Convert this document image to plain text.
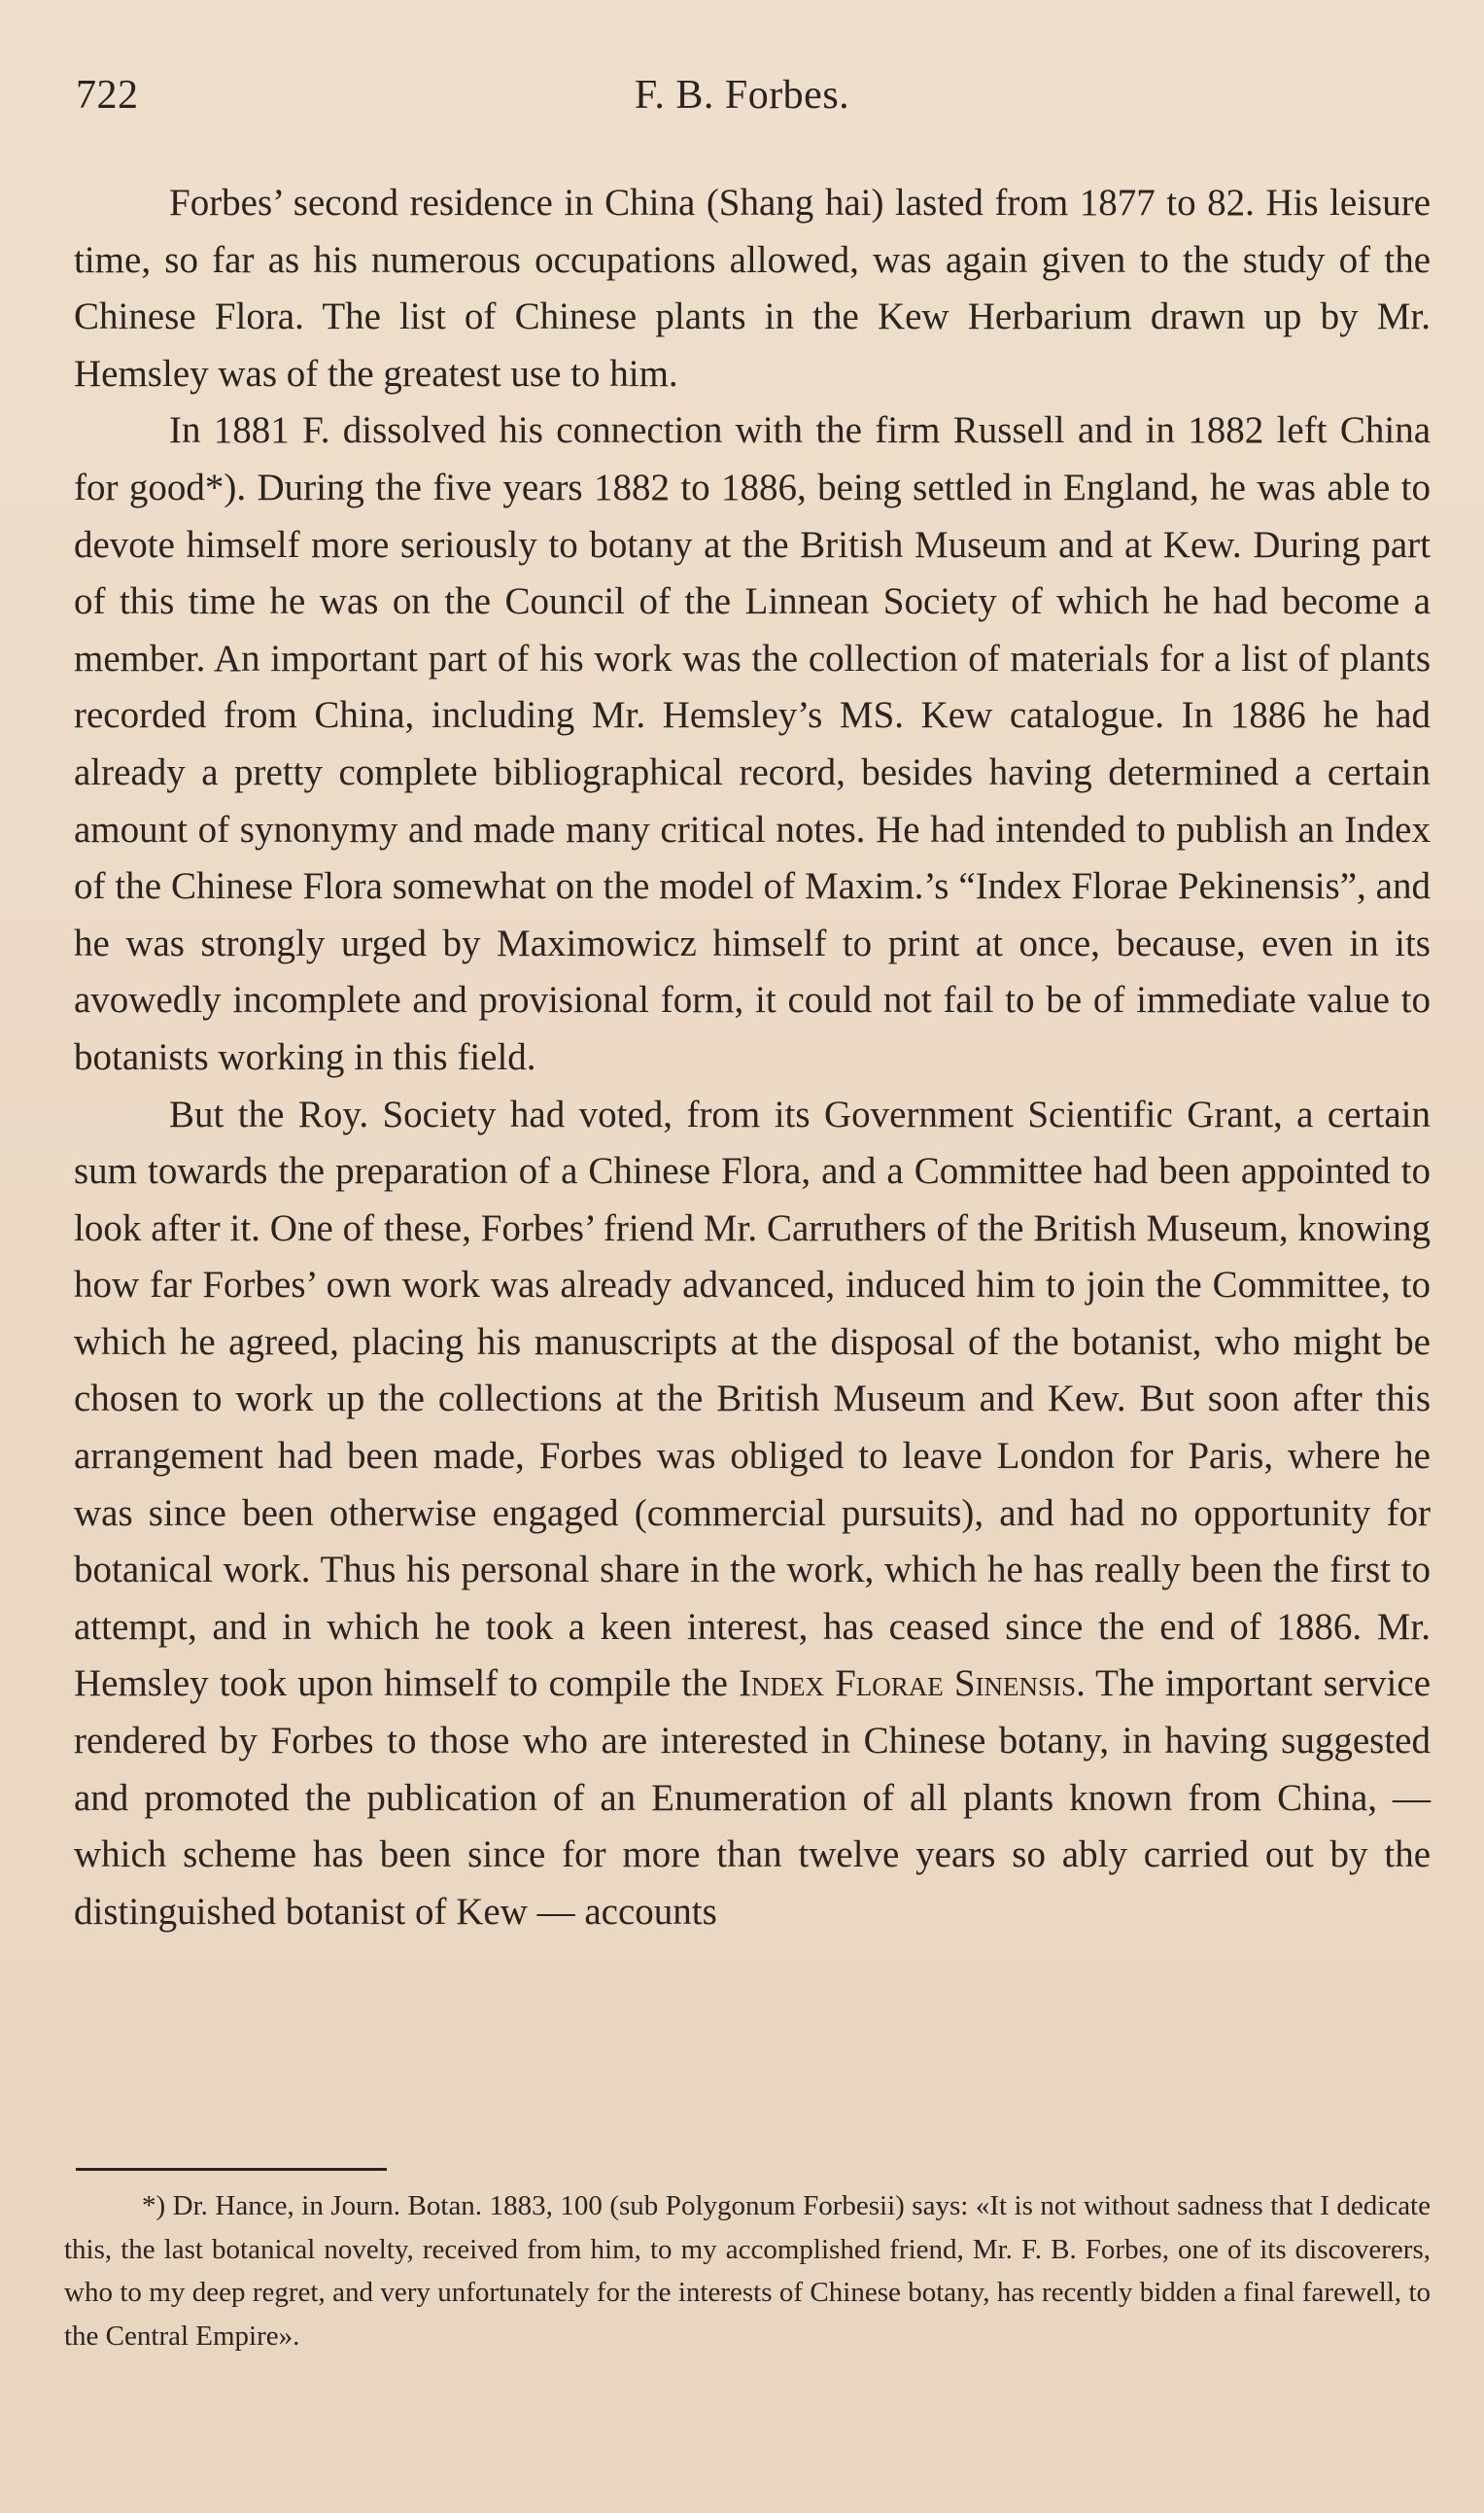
722	F. B. Forbes.

Forbes’ second residence in China (Shang hai) lasted from 1877 to 82. His leisure time, so far as his numerous occupations allowed, was again given to the study of the Chinese Flora. The list of Chinese plants in the Kew Herbarium drawn up by Mr. Hemsley was of the greatest use to him.

In 1881 F. dissolved his connection with the firm Russell and in 1882 left China for good*). During the five years 1882 to 1886, being settled in England, he was able to devote himself more seriously to botany at the British Museum and at Kew. During part of this time he was on the Council of the Linnean Society of which he had become a member. An important part of his work was the collection of materials for a list of plants recorded from China, including Mr. Hemsley’s MS. Kew catalogue. In 1886 he had already a pretty complete bibliographical record, besides having determined a certain amount of synonymy and made many critical notes. He had intended to publish an Index of the Chinese Flora somewhat on the model of Maxim.’s “Index Florae Pekinensis”, and he was strongly urged by Maximowicz himself to print at once, because, even in its avowedly incomplete and provisional form, it could not fail to be of immediate value to botanists working in this field.

But the Roy. Society had voted, from its Government Scientific Grant, a certain sum towards the preparation of a Chinese Flora, and a Committee had been appointed to look after it. One of these, Forbes’ friend Mr. Carruthers of the British Museum, knowing how far Forbes’ own work was already advanced, induced him to join the Committee, to which he agreed, placing his manuscripts at the disposal of the botanist, who might be chosen to work up the collections at the British Museum and Kew. But soon after this arrangement had been made, Forbes was obliged to leave London for Paris, where he was since been otherwise engaged (commercial pursuits), and had no opportunity for botanical work. Thus his personal share in the work, which he has really been the first to attempt, and in which he took a keen interest, has ceased since the end of 1886. Mr. Hemsley took upon himself to compile the Index Florae Sinensis. The important service rendered by Forbes to those who are interested in Chinese botany, in having suggested and promoted the publication of an Enumeration of all plants known from China, — which scheme has been since for more than twelve years so ably carried out by the distinguished botanist of Kew — accounts

*) Dr. Hance, in Journ. Botan. 1883, 100 (sub Polygonum Forbesii) says: «It is not without sadness that I dedicate this, the last botanical novelty, received from him, to my accomplished friend, Mr. F. B. Forbes, one of its discoverers, who to my deep regret, and very unfortunately for the interests of Chinese botany, has recently bidden a final farewell, to the Central Empire».
